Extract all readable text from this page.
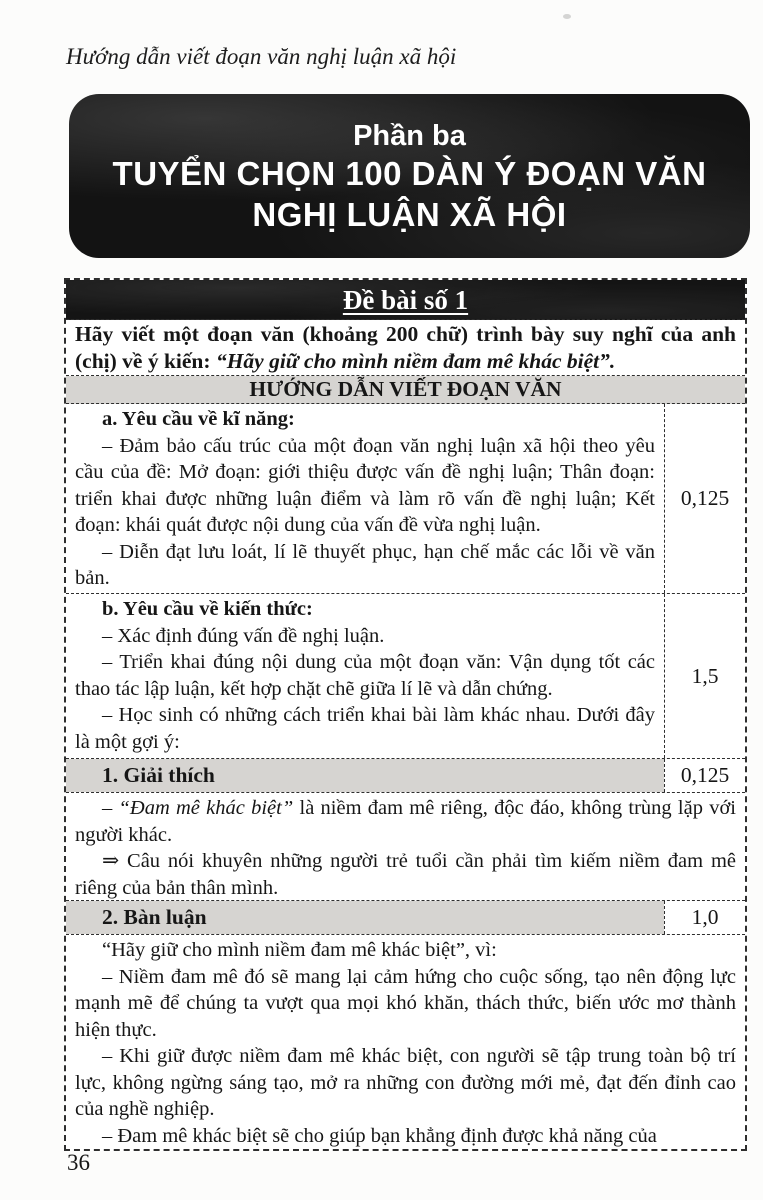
Hướng dẫn viết đoạn văn nghị luận xã hội
Phần ba
TUYỂN CHỌN 100 DÀN Ý ĐOẠN VĂN
NGHỊ LUẬN XÃ HỘI
Đề bài số 1
Hãy viết một đoạn văn (khoảng 200 chữ) trình bày suy nghĩ của anh (chị) về ý kiến: “Hãy giữ cho mình niềm đam mê khác biệt”.
HƯỚNG DẪN VIẾT ĐOẠN VĂN

a. Yêu cầu về kĩ năng:

– Đảm bảo cấu trúc của một đoạn văn nghị luận xã hội theo yêu cầu của đề: Mở đoạn: giới thiệu được vấn đề nghị luận; Thân đoạn: triển khai được những luận điểm và làm rõ vấn đề nghị luận; Kết đoạn: khái quát được nội dung của vấn đề vừa nghị luận.

– Diễn đạt lưu loát, lí lẽ thuyết phục, hạn chế mắc các lỗi về văn bản.

0,125

b. Yêu cầu về kiến thức:

– Xác định đúng vấn đề nghị luận.

– Triển khai đúng nội dung của một đoạn văn: Vận dụng tốt các thao tác lập luận, kết hợp chặt chẽ giữa lí lẽ và dẫn chứng.

– Học sinh có những cách triển khai bài làm khác nhau. Dưới đây là một gợi ý:

1,5
1. Giải thích	0,125

– “Đam mê khác biệt” là niềm đam mê riêng, độc đáo, không trùng lặp với người khác.

⇒ Câu nói khuyên những người trẻ tuổi cần phải tìm kiếm niềm đam mê riêng của bản thân mình.

2. Bàn luận	1,0

“Hãy giữ cho mình niềm đam mê khác biệt”, vì:

– Niềm đam mê đó sẽ mang lại cảm hứng cho cuộc sống, tạo nên động lực mạnh mẽ để chúng ta vượt qua mọi khó khăn, thách thức, biến ước mơ thành hiện thực.

– Khi giữ được niềm đam mê khác biệt, con người sẽ tập trung toàn bộ trí lực, không ngừng sáng tạo, mở ra những con đường mới mẻ, đạt đến đỉnh cao của nghề nghiệp.

– Đam mê khác biệt sẽ cho giúp bạn khẳng định được khả năng của

36
